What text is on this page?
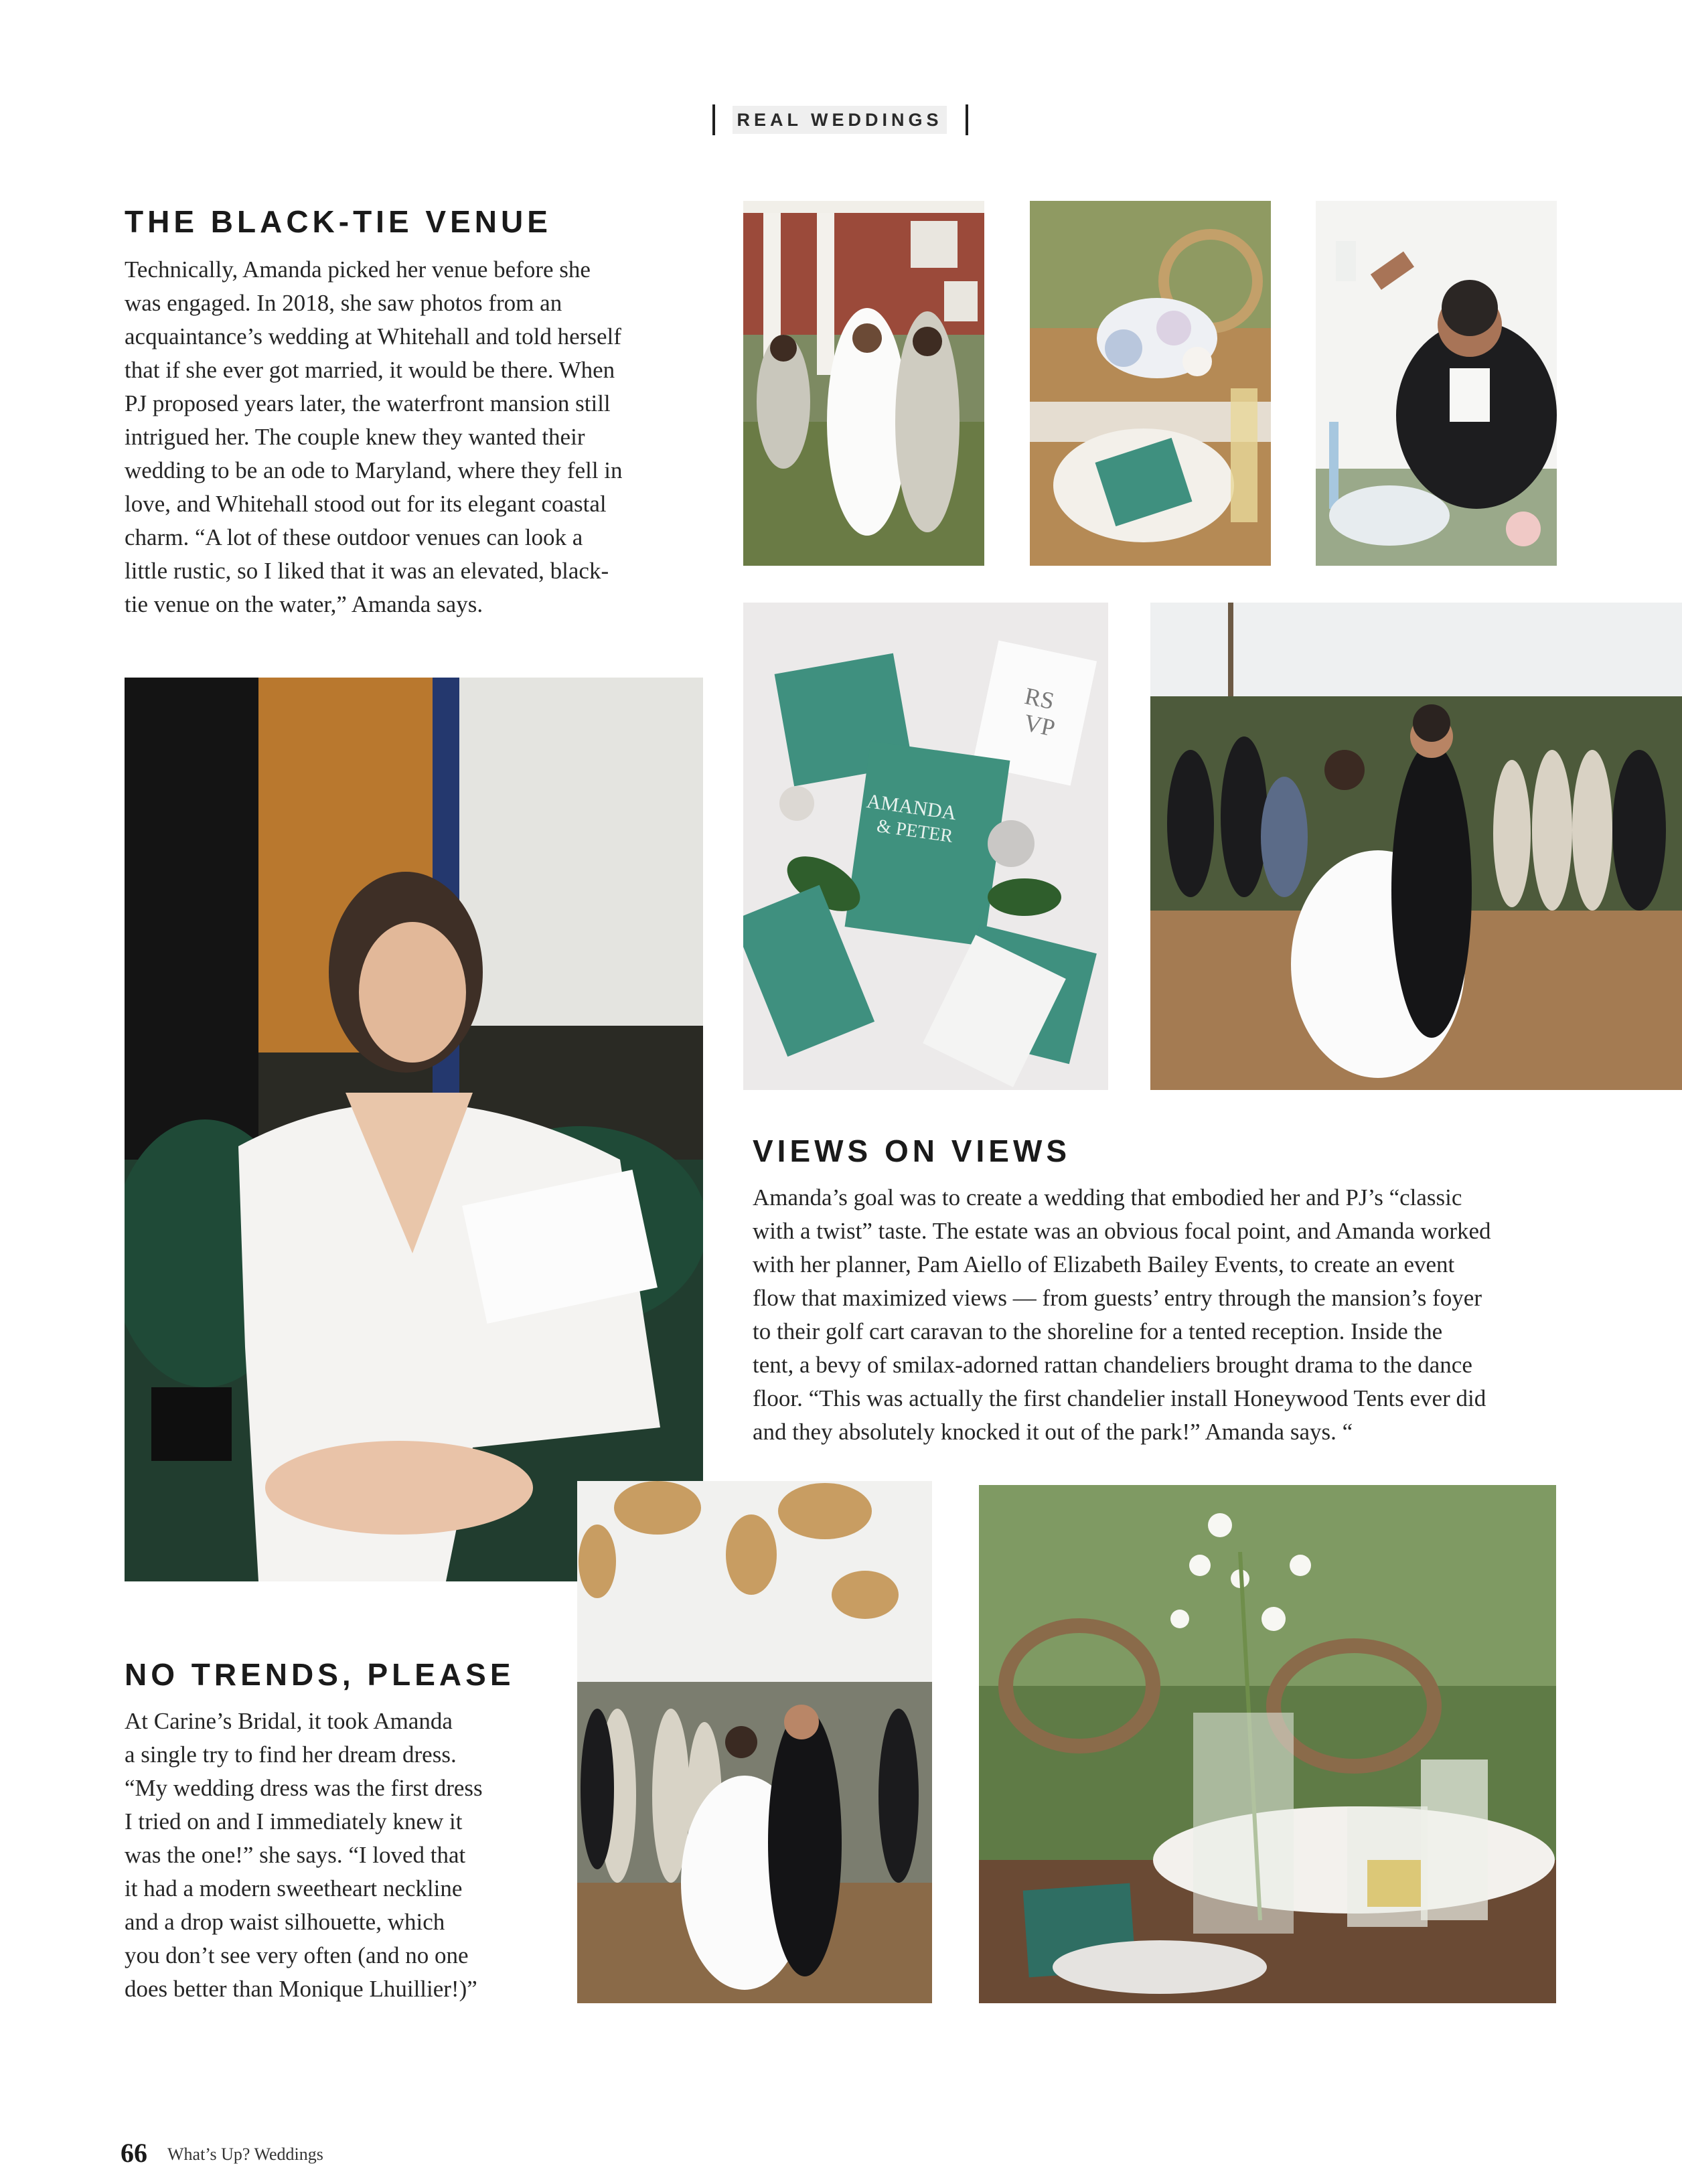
REAL WEDDINGS
THE BLACK-TIE VENUE
Technically, Amanda picked her venue before she
was engaged. In 2018, she saw photos from an
acquaintance’s wedding at Whitehall and told herself
that if she ever got married, it would be there. When
PJ proposed years later, the waterfront mansion still
intrigued her. The couple knew they wanted their
wedding to be an ode to Maryland, where they fell in
love, and Whitehall stood out for its elegant coastal
charm. “A lot of these outdoor venues can look a
little rustic, so I liked that it was an elevated, black-
tie venue on the water,” Amanda says.
AMANDA
& PETER
RS
VP
VIEWS ON VIEWS
Amanda’s goal was to create a wedding that embodied her and PJ’s “classic
with a twist” taste. The estate was an obvious focal point, and Amanda worked
with her planner, Pam Aiello of Elizabeth Bailey Events, to create an event
flow that maximized views — from guests’ entry through the mansion’s foyer
to their golf cart caravan to the shoreline for a tented reception. Inside the
tent, a bevy of smilax-adorned rattan chandeliers brought drama to the dance
floor. “This was actually the first chandelier install Honeywood Tents ever did
and they absolutely knocked it out of the park!” Amanda says. “
NO TRENDS, PLEASE
At Carine’s Bridal, it took Amanda
a single try to find her dream dress.
“My wedding dress was the first dress
I tried on and I immediately knew it
was the one!” she says. “I loved that
it had a modern sweetheart neckline
and a drop waist silhouette, which
you don’t see very often (and no one
does better than Monique Lhuillier!)”
66 What’s Up? Weddings
